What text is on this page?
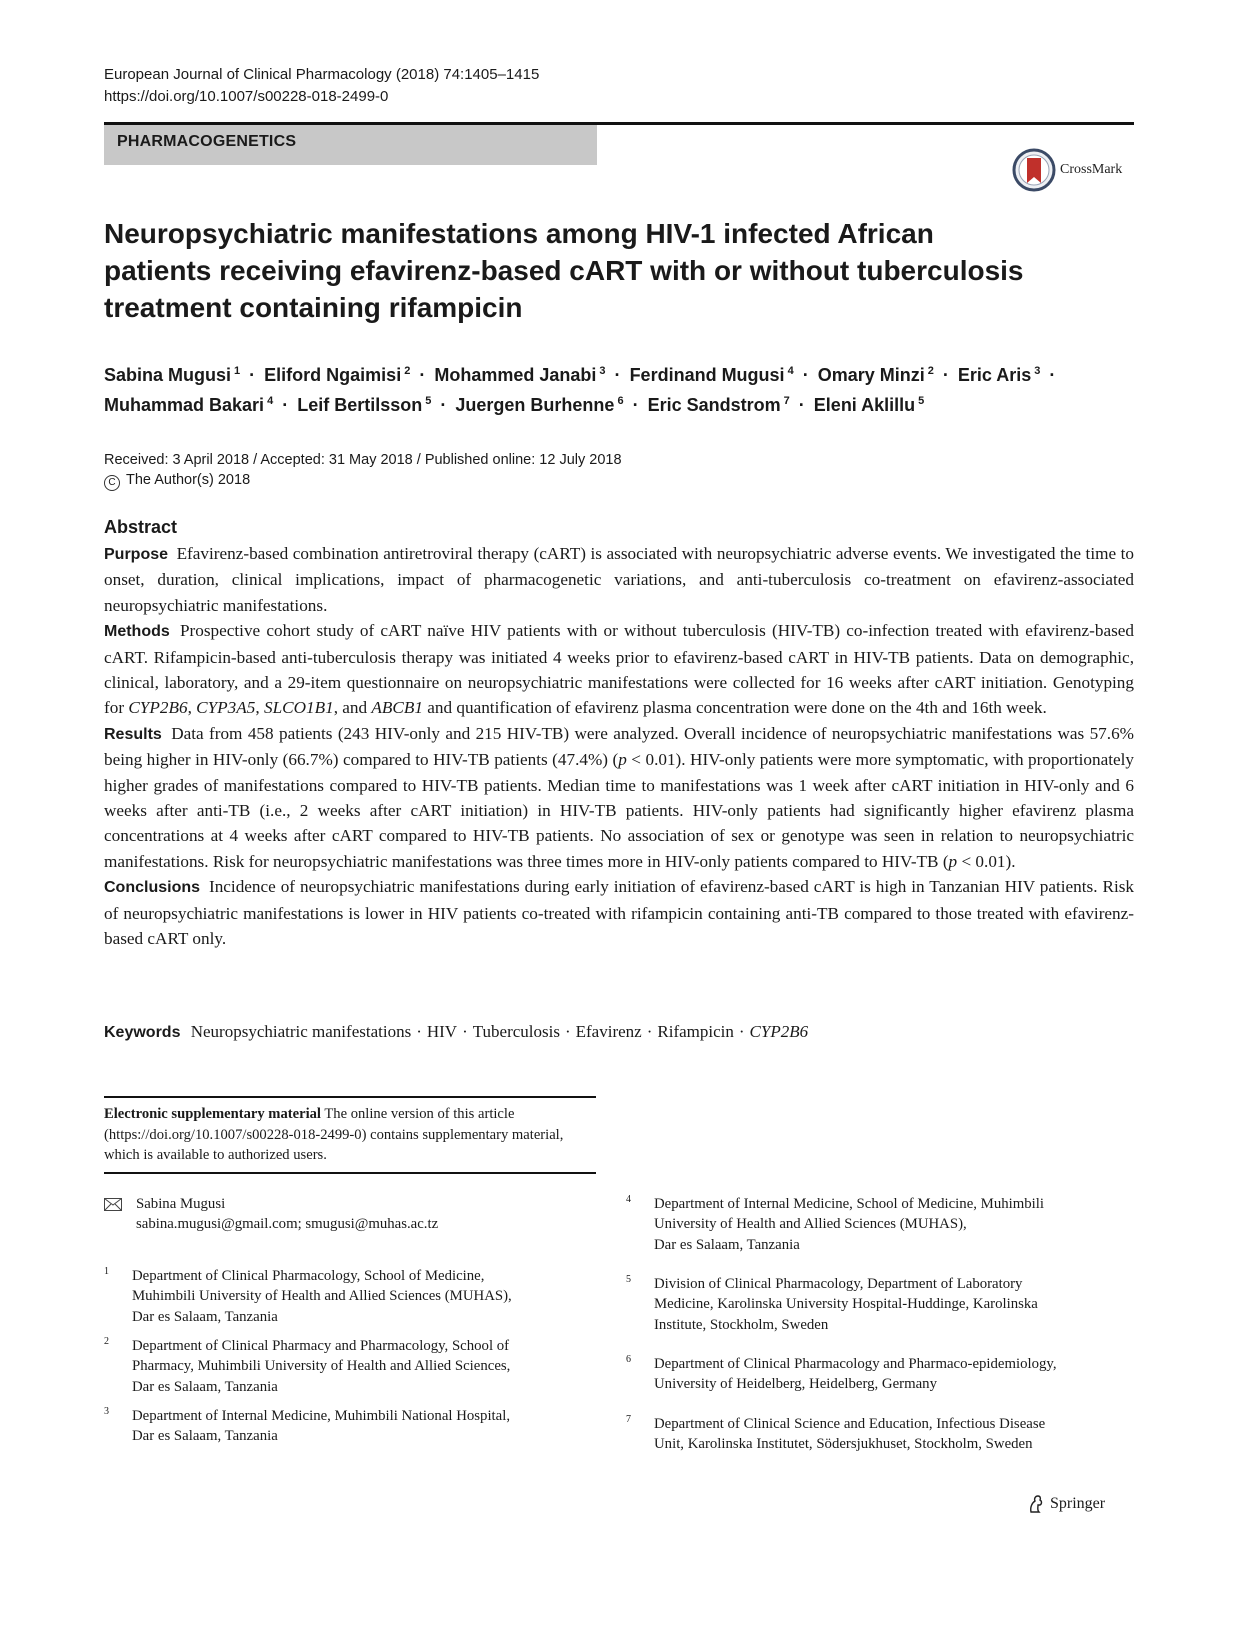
European Journal of Clinical Pharmacology (2018) 74:1405–1415
https://doi.org/10.1007/s00228-018-2499-0
PHARMACOGENETICS
CrossMark
Neuropsychiatric manifestations among HIV-1 infected African
patients receiving efavirenz-based cART with or without tuberculosis
treatment containing rifampicin
Sabina Mugusi $^1$ · Eliford Ngaimisi $^2$ · Mohammed Janabi $^3$ · Ferdinand Mugusi $^4$ · Omary Minzi $^2$ · Eric Aris $^3$ ·
Muhammad Bakari $^4$ · Leif Bertilsson $^5$ · Juergen Burhenne $^6$ · Eric Sandstrom $^7$ · Eleni Aklillu $^5$
Received: 3 April 2018 / Accepted: 31 May 2018 / Published online: 12 July 2018
C The Author(s) 2018
Abstract

Purpose Efavirenz-based combination antiretroviral therapy (cART) is associated with neuropsychiatric adverse events. We investigated the time to onset, duration, clinical implications, impact of pharmacogenetic variations, and anti-tuberculosis co-treatment on efavirenz-associated neuropsychiatric manifestations.

Methods Prospective cohort study of cART naïve HIV patients with or without tuberculosis (HIV-TB) co-infection treated with efavirenz-based cART. Rifampicin-based anti-tuberculosis therapy was initiated 4 weeks prior to efavirenz-based cART in HIV-TB patients. Data on demographic, clinical, laboratory, and a 29-item questionnaire on neuropsychiatric manifestations were collected for 16 weeks after cART initiation. Genotyping for CYP2B6, CYP3A5, SLCO1B1, and ABCB1 and quantification of efavirenz plasma concentration were done on the 4th and 16th week.

Results Data from 458 patients (243 HIV-only and 215 HIV-TB) were analyzed. Overall incidence of neuropsychiatric manifestations was 57.6% being higher in HIV-only (66.7%) compared to HIV-TB patients (47.4%) (p < 0.01). HIV-only patients were more symptomatic, with proportionately higher grades of manifestations compared to HIV-TB patients. Median time to manifestations was 1 week after cART initiation in HIV-only and 6 weeks after anti-TB (i.e., 2 weeks after cART initiation) in HIV-TB patients. HIV-only patients had significantly higher efavirenz plasma concentrations at 4 weeks after cART compared to HIV-TB patients. No association of sex or genotype was seen in relation to neuropsychiatric manifestations. Risk for neuropsychiatric manifestations was three times more in HIV-only patients compared to HIV-TB (p < 0.01).

Conclusions Incidence of neuropsychiatric manifestations during early initiation of efavirenz-based cART is high in Tanzanian HIV patients. Risk of neuropsychiatric manifestations is lower in HIV patients co-treated with rifampicin containing anti-TB compared to those treated with efavirenz-based cART only.

Keywords Neuropsychiatric manifestations · HIV · Tuberculosis · Efavirenz · Rifampicin · CYP2B6
Electronic supplementary material The online version of this article (https://doi.org/10.1007/s00228-018-2499-0) contains supplementary material, which is available to authorized users.
Sabina Mugusi
sabina.mugusi@gmail.com; smugusi@muhas.ac.tz
1 Department of Clinical Pharmacology, School of Medicine,
Muhimbili University of Health and Allied Sciences (MUHAS),
Dar es Salaam, Tanzania
2 Department of Clinical Pharmacy and Pharmacology, School of
Pharmacy, Muhimbili University of Health and Allied Sciences,
Dar es Salaam, Tanzania
3 Department of Internal Medicine, Muhimbili National Hospital,
Dar es Salaam, Tanzania
4 Department of Internal Medicine, School of Medicine, Muhimbili
University of Health and Allied Sciences (MUHAS),
Dar es Salaam, Tanzania
5 Division of Clinical Pharmacology, Department of Laboratory
Medicine, Karolinska University Hospital-Huddinge, Karolinska
Institute, Stockholm, Sweden
6 Department of Clinical Pharmacology and Pharmaco-epidemiology,
University of Heidelberg, Heidelberg, Germany
7 Department of Clinical Science and Education, Infectious Disease
Unit, Karolinska Institutet, Södersjukhuset, Stockholm, Sweden
Springer
